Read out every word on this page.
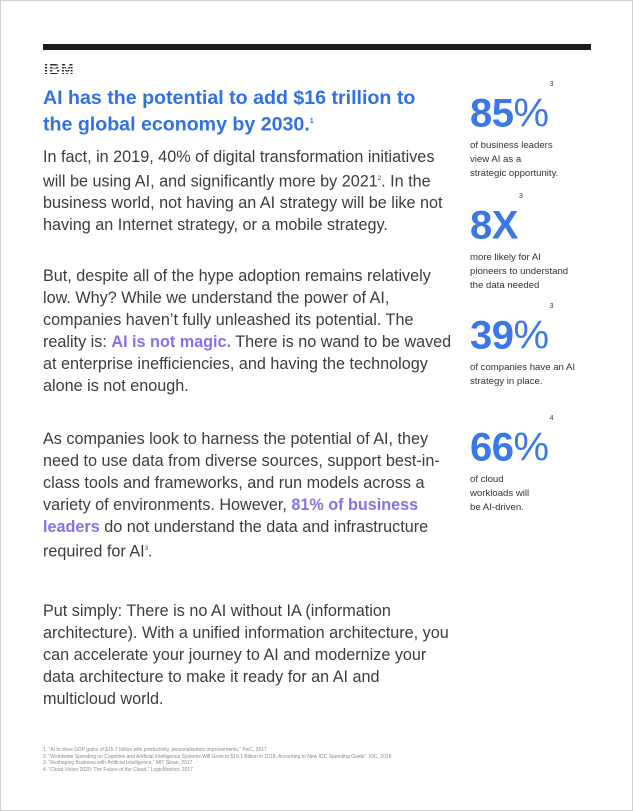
IBM
AI has the potential to add $16 trillion to the global economy by 2030.$^1$

In fact, in 2019, 40% of digital transformation initiatives will be using AI, and significantly more by 2021$^2$. In the business world, not having an AI strategy will be like not having an Internet strategy, or a mobile strategy.

But, despite all of the hype adoption remains relatively low. Why? While we understand the power of AI, companies haven’t fully unleashed its potential. The reality is: AI is not magic. There is no wand to be waved at enterprise inefficiencies, and having the technology alone is not enough.

As companies look to harness the potential of AI, they need to use data from diverse sources, support best-in-class tools and frameworks, and run models across a variety of environments. However, 81% of business leaders do not understand the data and infrastructure required for $AI^3$.

Put simply: There is no AI without IA (information architecture). With a unified information architecture, you can accelerate your journey to AI and modernize your data architecture to make it ready for an AI and multicloud world.

85%$^3$
of business leaders
view AI as a
strategic opportunity.
$8X^3$
more likely for AI
pioneers to understand
the data needed
39%$^3$
of companies have an AI
strategy in place.
66%$^4$
of cloud
workloads will
be AI-driven.
1. “AI to drive GDP gains of $15.7 trillion with productivity, personalisation improvements,” PwC, 2017
2. “Worldwide Spending on Cognitive and Artificial Intelligence Systems Will Grow to $19.1 Billion in 2018, According to New IDC Spending Guide”, IDC, 2018
3. “Reshaping Business with Artificial Intelligence,” MIT Sloan, 2017
4. “Cloud Vision 2020: The Future of the Cloud,” LogicMonitor, 2017
